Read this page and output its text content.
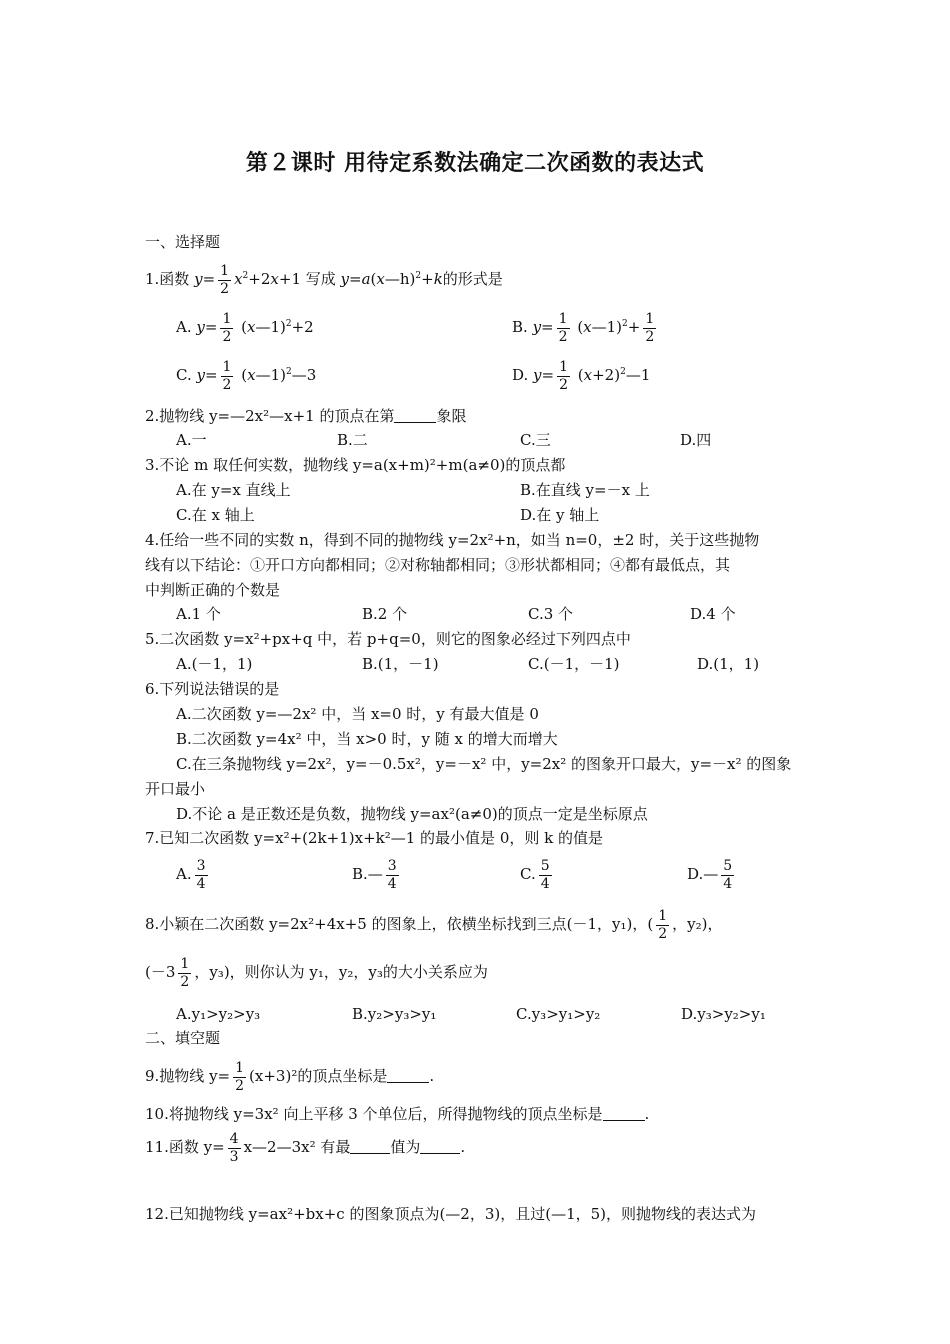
第２课时 用待定系数法确定二次函数的表达式
一、选择题
1.函数 $y= \frac{1}{2} x^2+2x+1$ 写成 y=a(x—h)$^2$+k的形式是
A. $y= \frac{1}{2}$ (x—1)$^2$+2	B. $y= \frac{1}{2}$ (x—1)$^2$+ $\frac{1}{2}$
C. $y= \frac{1}{2}$ (x—1)$^2$—3	D. $y= \frac{1}{2}$ $(x+2)^2—1$
2.抛物线 y=—2x²—x+1 的顶点在第	象限
A.一	B.二	C.三	D.四
3.不论 m 取任何实数，抛物线 y=a(x+m)²+m(a≠0)的顶点都
A.在 y=x 直线上	B.在直线 y=－x 上
C.在 x 轴上	D.在 y 轴上
4.任给一些不同的实数 n，得到不同的抛物线 y=2x²+n，如当 n=0，±2 时，关于这些抛物
线有以下结论：①开口方向都相同；②对称轴都相同；③形状都相同；④都有最低点，其
中判断正确的个数是
A.1 个	B.2 个	C.3 个	D.4 个
5.二次函数 y=x²+px+q 中，若 p+q=0，则它的图象必经过下列四点中
A.(－1，1)	B.(1，－1)	C.(－1，－1)	D.(1，1)
6.下列说法错误的是
A.二次函数 y=—2x² 中，当 x=0 时，y 有最大值是 0
B.二次函数 y=4x² 中，当 x>0 时，y 随 x 的增大而增大
C.在三条抛物线 y=2x²，y=－0.5x²，y=－x² 中，y=2x² 的图象开口最大，y=－x² 的图象
开口最小
D.不论 a 是正数还是负数，抛物线 y=ax²(a≠0)的顶点一定是坐标原点
7.已知二次函数 y=x²+(2k+1)x+k²—1 的最小值是 0，则 k 的值是
A. $\frac{3}{4}$	B.— $\frac{3}{4}$	C. $\frac{5}{4}$	D.— $\frac{5}{4}$
8.小颖在二次函数 y=2x²+4x+5 的图象上，依横坐标找到三点(－1，y₁)，( $\frac{1}{2}$ ，y₂)，
($-3 \frac{1}{2}$ ，y₃)，则你认为 y₁，y₂，y₃的大小关系应为
A.y₁>y₂>y₃	B.y₂>y₃>y₁	C.y₃>y₁>y₂	D.y₃>y₂>y₁
二、填空题
9.抛物线 $y= \frac{1}{2} (x+3)^2$的顶点坐标是	.
10.将抛物线 y=3x² 向上平移 3 个单位后，所得抛物线的顶点坐标是	.
11.函数 $y= \frac{4}{3}$ x—2—3x² 有最	值为	.
12.已知抛物线 y=ax²+bx+c 的图象顶点为(—2，3)，且过(—1，5)，则抛物线的表达式为
